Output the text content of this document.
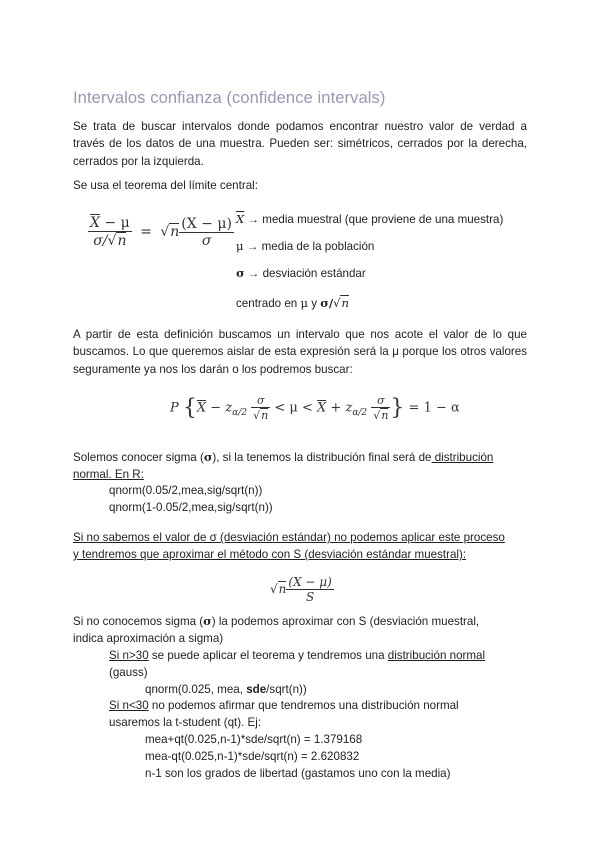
Intervalos confianza (confidence intervals)
Se trata de buscar intervalos donde podamos encontrar nuestro valor de verdad a través de los datos de una muestra. Pueden ser: simétricos, cerrados por la derecha, cerrados por la izquierda.
Se usa el teorema del límite central:
$\frac{\overline{X} - \mu}{\sigma/√n} = √n \frac{(X - \mu)}{\sigma} \overline{X}$ → media muestral (que proviene de una muestra)
μ → media de la población
σ → desviación estándar
centrado en μ y σ/√n
A partir de esta definición buscamos un intervalo que nos acote el valor de lo que buscamos. Lo que queremos aislar de esta expresión será la μ porque los otros valores seguramente ya nos los darán o los podremos buscar:
P {$\overline{X} - z_{\alpha/2} \frac{\sigma}{√n} < \mu < \overline{X} + z_{\alpha/2} \frac{\sigma}{√n}$ } = 1 − α
Solemos conocer sigma (σ), si la tenemos la distribución final será de distribución
normal. En R:
qnorm(0.05/2,mea,sig/sqrt(n))
qnorm(1-0.05/2,mea,sig/sqrt(n))
Si no sabemos el valor de σ (desviación estándar) no podemos aplicar este proceso
y tendremos que aproximar el método con S (desviación estándar muestral):
$√n \frac{(X - \mu)}{S}$
Si no conocemos sigma (σ) la podemos aproximar con S (desviación muestral,
indica aproximación a sigma)
Si n>30 se puede aplicar el teorema y tendremos una distribución normal
(gauss)
qnorm(0.025, mea, sde/sqrt(n))
Si n<30 no podemos afirmar que tendremos una distribución normal
usaremos la t-student (qt). Ej:
mea+qt(0.025,n-1)*sde/sqrt(n) = 1.379168
mea-qt(0.025,n-1)*sde/sqrt(n) = 2.620832
n-1 son los grados de libertad (gastamos uno con la media)
